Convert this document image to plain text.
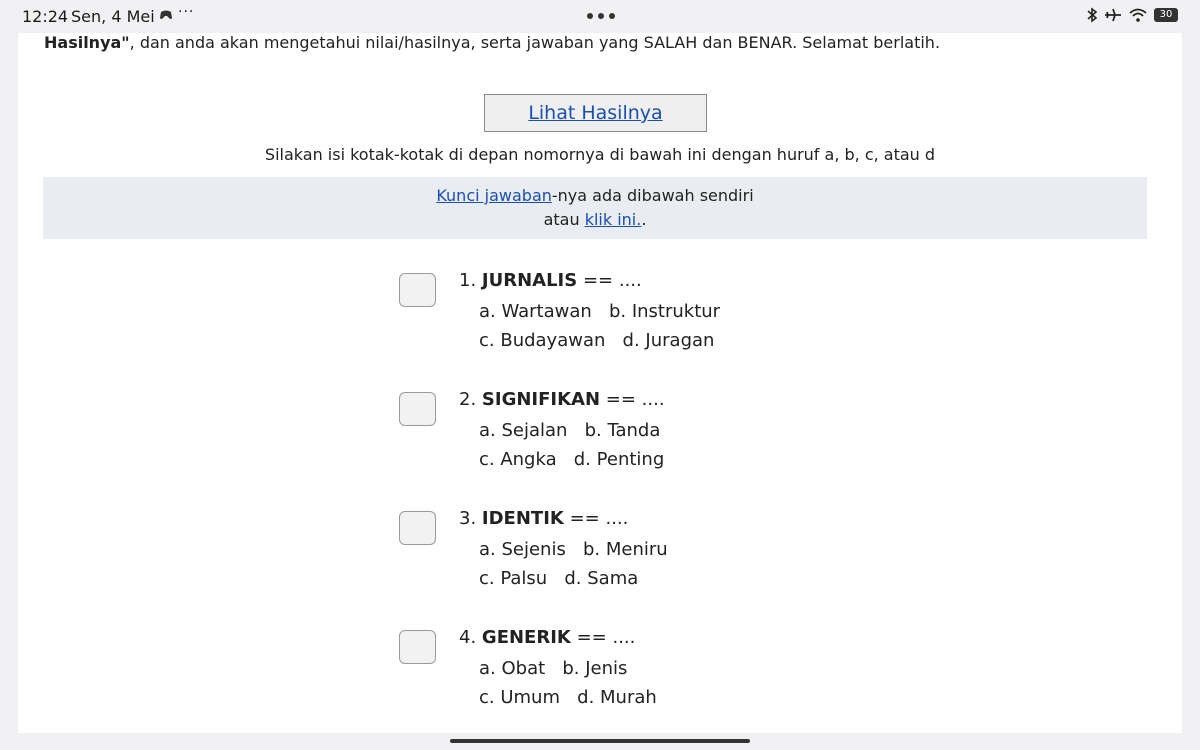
12:24 Sen, 4 Mei ···	30
Hasilnya", dan anda akan mengetahui nilai/hasilnya, serta jawaban yang SALAH dan BENAR. Selamat berlatih.
Lihat Hasilnya
Silakan isi kotak-kotak di depan nomornya di bawah ini dengan huruf a, b, c, atau d
Kunci jawaban-nya ada dibawah sendiri
atau klik ini..
1. JURNALIS == ....
a. Wartawan   b. Instruktur
c. Budayawan   d. Juragan
2. SIGNIFIKAN == ....
a. Sejalan   b. Tanda
c. Angka   d. Penting
3. IDENTIK == ....
a. Sejenis   b. Meniru
c. Palsu   d. Sama
4. GENERIK == ....
a. Obat   b. Jenis
c. Umum   d. Murah
